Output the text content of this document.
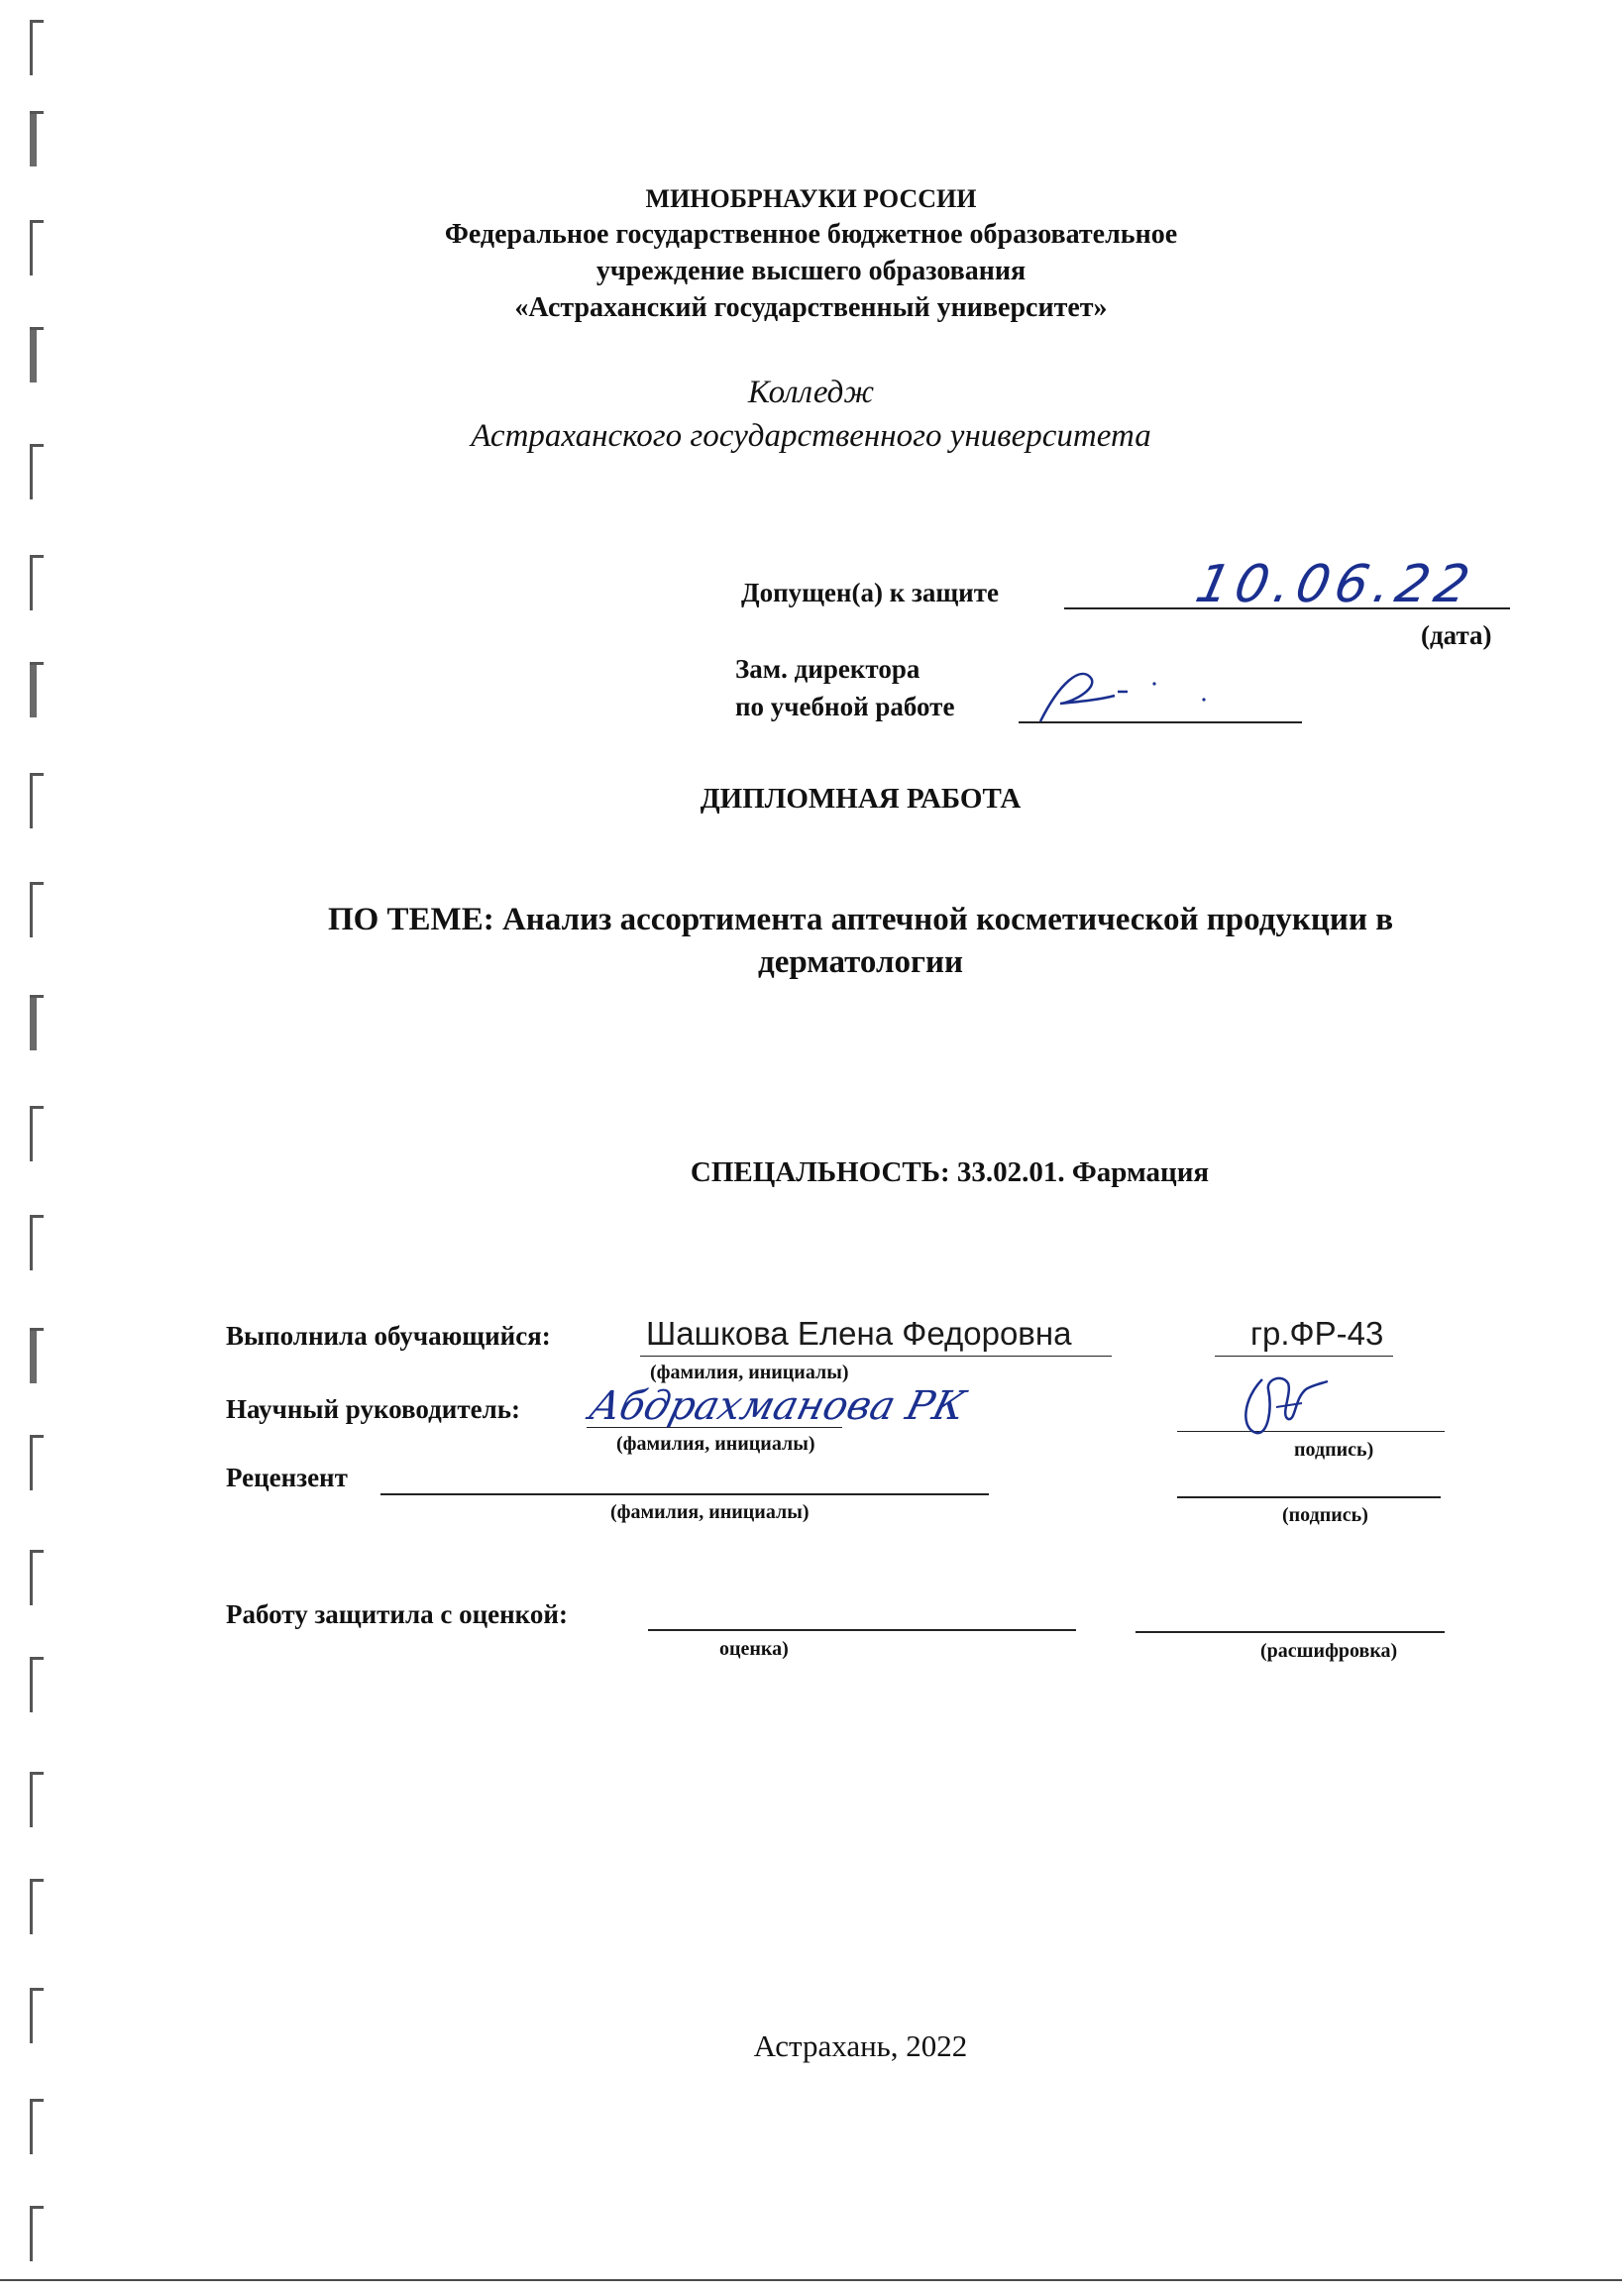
МИНОБРНАУКИ РОССИИ
Федеральное государственное бюджетное образовательное
учреждение высшего образования
«Астраханский государственный университет»
Колледж
Астраханского государственного университета
Допущен(а) к защите	10.06.22
(дата)
Зам. директора
по учебной работе
ДИПЛОМНАЯ РАБОТА
ПО ТЕМЕ: Анализ ассортимента аптечной косметической продукции в
дерматологии
СПЕЦАЛЬНОСТЬ: 33.02.01. Фармация
Выполнила обучающийся:	Шашкова Елена Федоровна	гр.ФР-43
(фамилия, инициалы)
Научный руководитель: Абдрахманова РК
(фамилия, инициалы)	подпись)
Рецензент
(фамилия, инициалы)	(подпись)
Работу защитила с оценкой:
оценка)	(расшифровка)
Астрахань, 2022
